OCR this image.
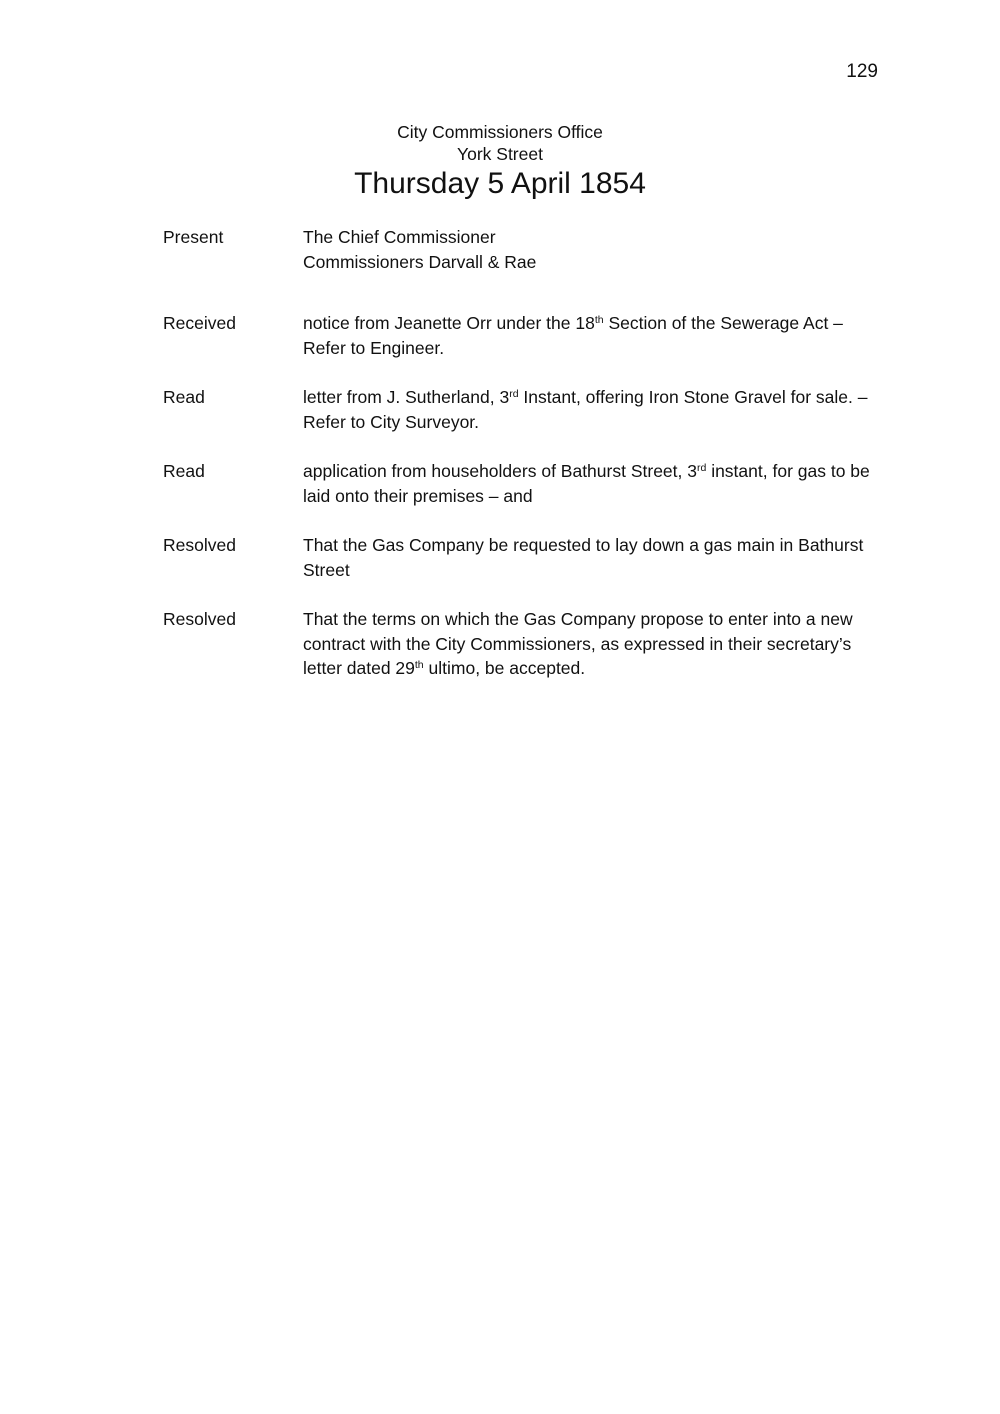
129
City Commissioners Office
York Street
Thursday 5 April 1854
Present	The Chief Commissioner
Commissioners Darvall & Rae
Received	notice from Jeanette Orr under the 18th Section of the Sewerage Act –
Refer to Engineer.
Read	letter from J. Sutherland, 3rd Instant, offering Iron Stone Gravel for sale. –
Refer to City Surveyor.
Read	application from householders of Bathurst Street, 3rd instant, for gas to be
laid onto their premises – and
Resolved	That the Gas Company be requested to lay down a gas main in Bathurst
Street
Resolved	That the terms on which the Gas Company propose to enter into a new
contract with the City Commissioners, as expressed in their secretary’s
letter dated 29th ultimo, be accepted.
